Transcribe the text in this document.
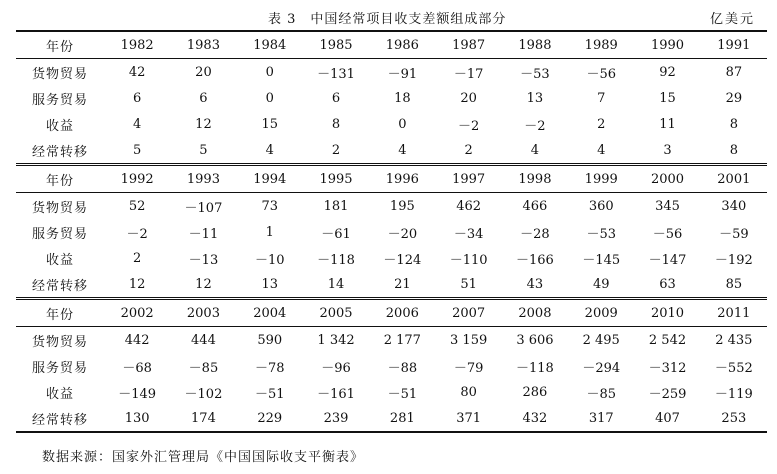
表 3　中国经常项目收支差额组成部分	亿美元
年份	1982	1983	1984	1985	1986	1987	1988	1989	1990	1991
货物贸易	42	20	0	－131	－91	－17	－53	－56	92	87
服务贸易	6	6	0	6	18	20	13	7	15	29
收益	4	12	15	8	0	－2	－2	2	11	8
经常转移	5	5	4	2	4	2	4	4	3	8
年份	1992	1993	1994	1995	1996	1997	1998	1999	2000	2001
货物贸易	52	－107	73	181	195	462	466	360	345	340
服务贸易	－2	－11	1	－61	－20	－34	－28	－53	－56	－59
收益	2	－13	－10	－118	－124	－110	－166	－145	－147	－192
经常转移	12	12	13	14	21	51	43	49	63	85
年份	2002	2003	2004	2005	2006	2007	2008	2009	2010	2011
货物贸易	442	444	590	1 342	2 177	3 159	3 606	2 495	2 542	2 435
服务贸易	－68	－85	－78	－96	－88	－79	－118	－294	－312	－552
收益	－149	－102	－51	－161	－51	80	286	－85	－259	－119
经常转移	130	174	229	239	281	371	432	317	407	253
数据来源：国家外汇管理局《中国国际收支平衡表》
